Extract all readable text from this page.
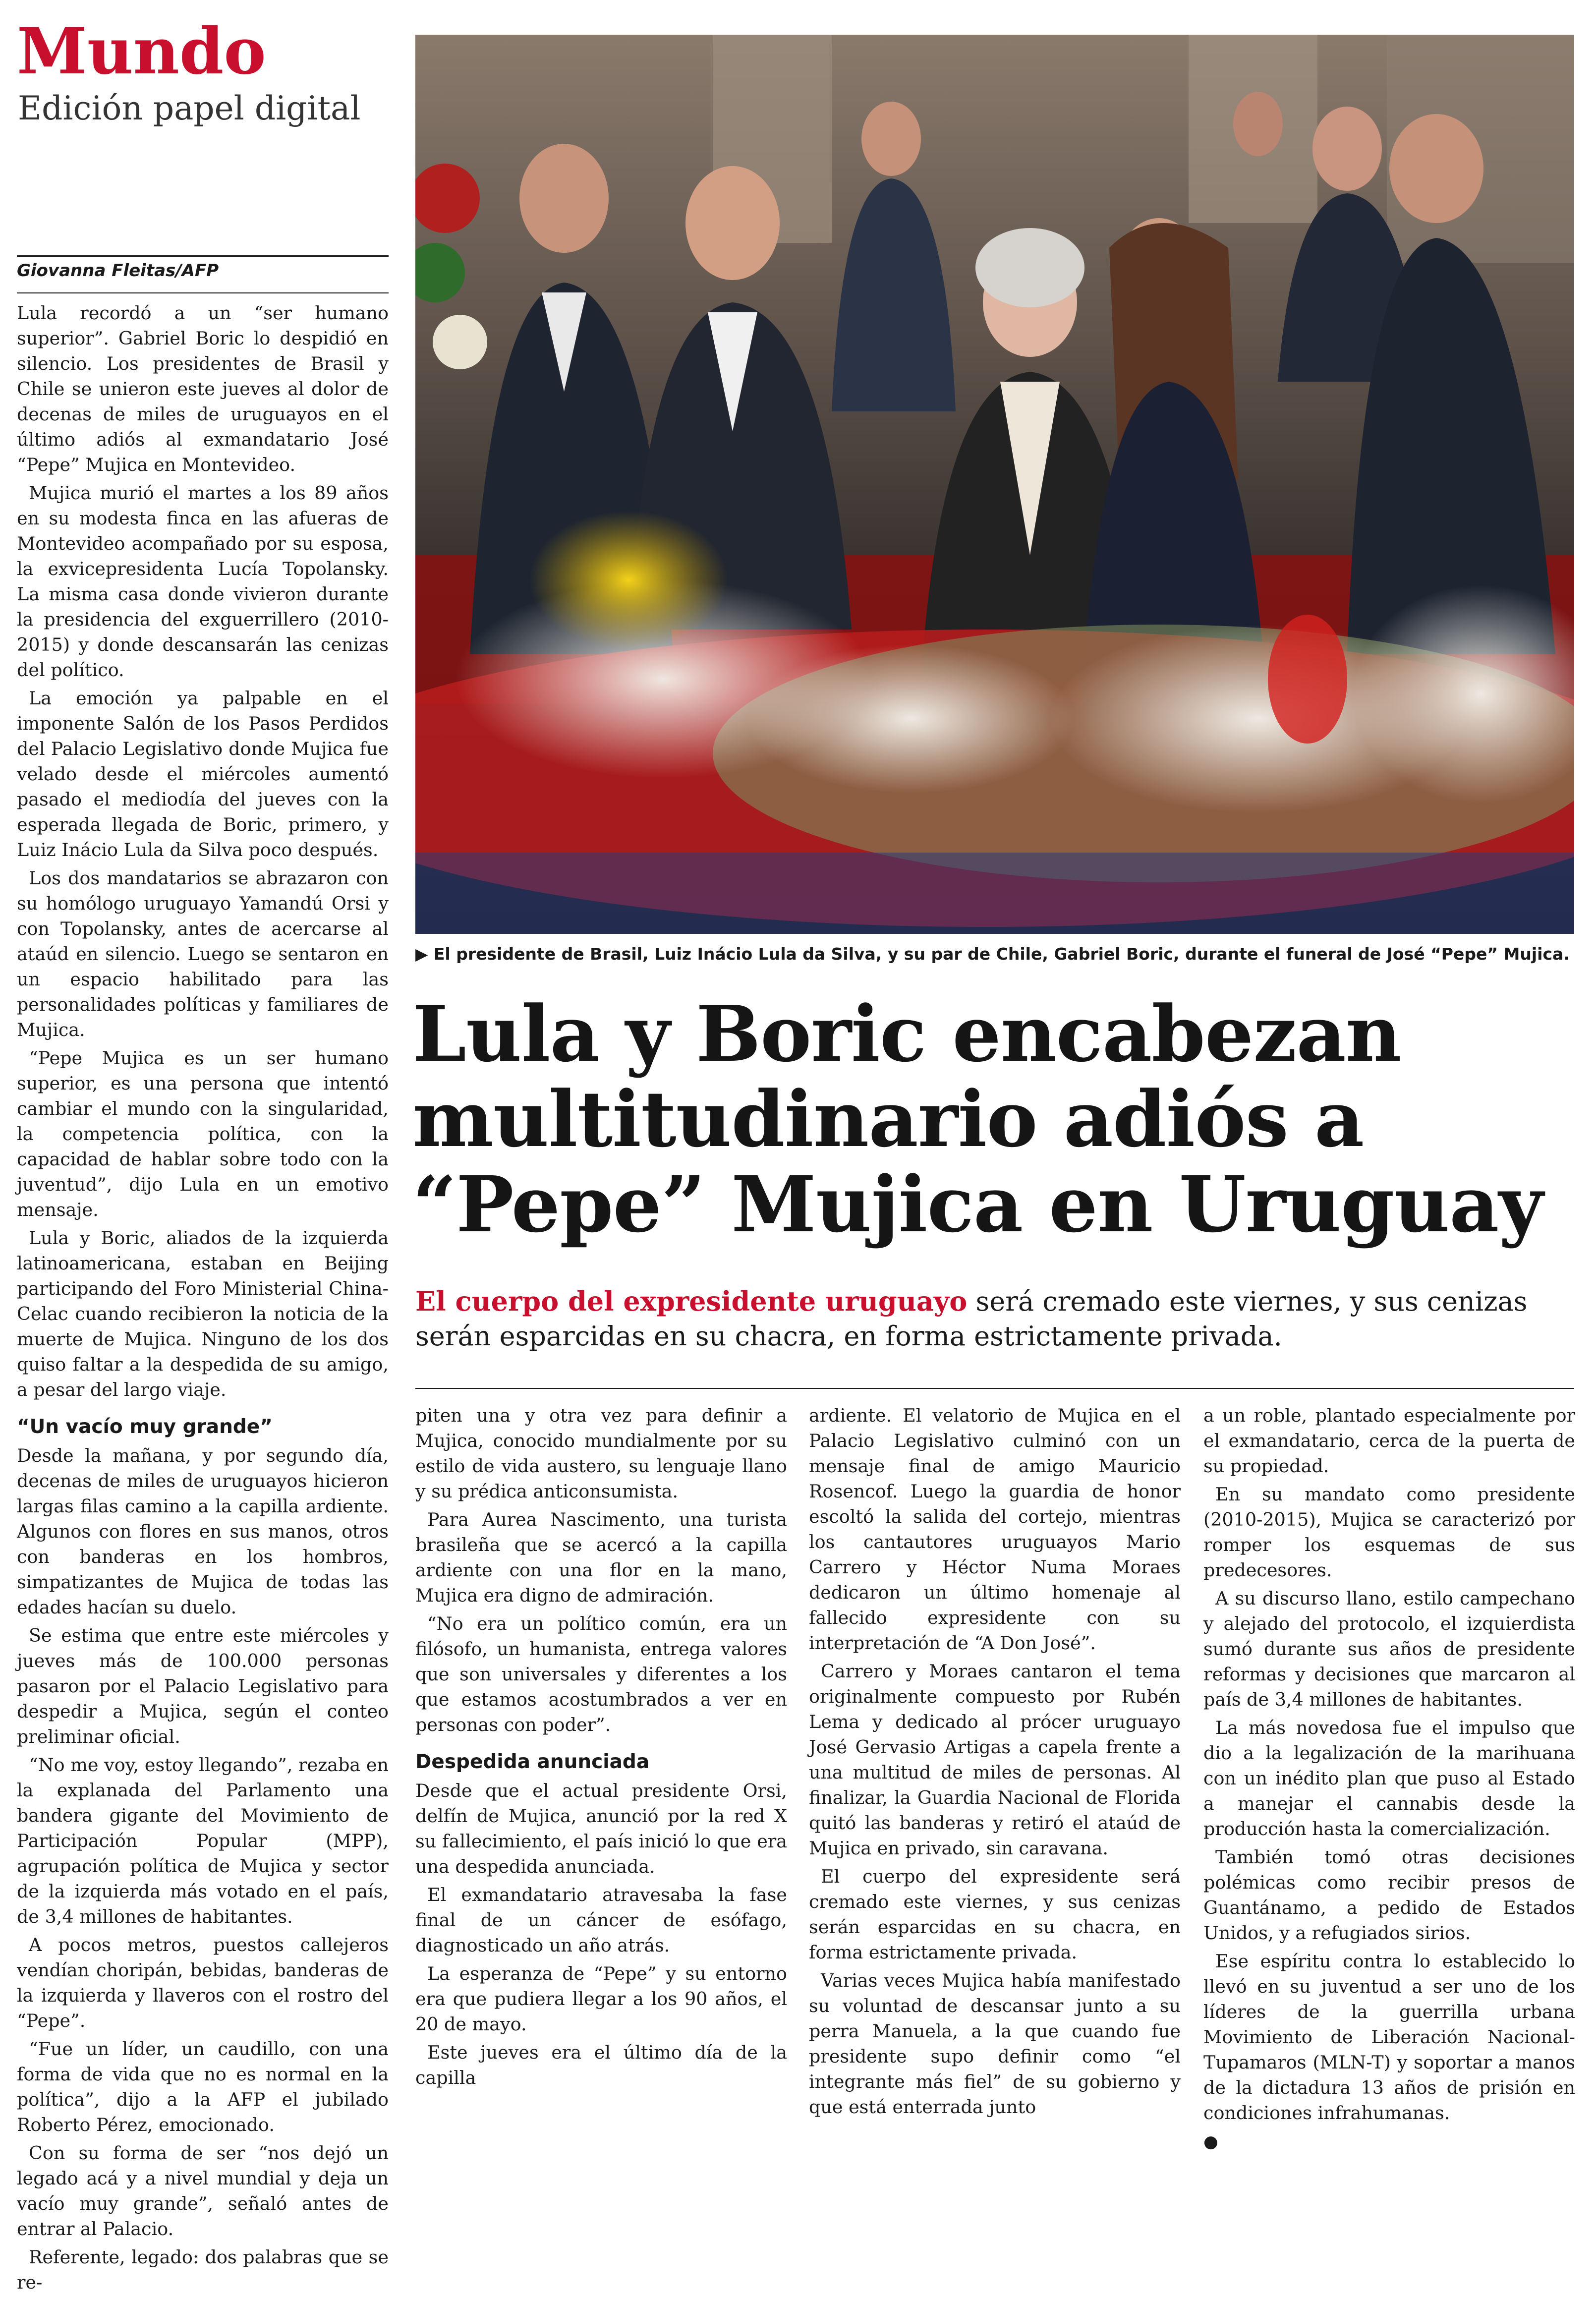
Mundo
Edición papel digital
Giovanna Fleitas/AFP
▶ El presidente de Brasil, Luiz Inácio Lula da Silva, y su par de Chile, Gabriel Boric, durante el funeral de José “Pepe” Mujica.
Lula y Boric encabezan multitudinario adiós a “Pepe” Mujica en Uruguay

El cuerpo del expresidente uruguayo será cremado este viernes, y sus cenizas serán esparcidas en su chacra, en forma estrictamente privada.

Lula recordó a un “ser humano superior”. Gabriel Boric lo despidió en silencio. Los presidentes de Brasil y Chile se unieron este jueves al dolor de decenas de miles de uruguayos en el último adiós al exmandatario José “Pepe” Mujica en Montevideo.

Mujica murió el martes a los 89 años en su modesta finca en las afueras de Montevideo acompañado por su esposa, la exvicepresidenta Lucía Topolansky. La misma casa donde vivieron durante la presidencia del exguerrillero (2010-2015) y donde descansarán las cenizas del político.

La emoción ya palpable en el imponente Salón de los Pasos Perdidos del Palacio Legislativo donde Mujica fue velado desde el miércoles aumentó pasado el mediodía del jueves con la esperada llegada de Boric, primero, y Luiz Inácio Lula da Silva poco después.

Los dos mandatarios se abrazaron con su homólogo uruguayo Yamandú Orsi y con Topolansky, antes de acercarse al ataúd en silencio. Luego se sentaron en un espacio habilitado para las personalidades políticas y familiares de Mujica.

“Pepe Mujica es un ser humano superior, es una persona que intentó cambiar el mundo con la singularidad, la competencia política, con la capacidad de hablar sobre todo con la juventud”, dijo Lula en un emotivo mensaje.

Lula y Boric, aliados de la izquierda latinoamericana, estaban en Beijing participando del Foro Ministerial China-Celac cuando recibieron la noticia de la muerte de Mujica. Ninguno de los dos quiso faltar a la despedida de su amigo, a pesar del largo viaje.

“Un vacío muy grande”

Desde la mañana, y por segundo día, decenas de miles de uruguayos hicieron largas filas camino a la capilla ardiente. Algunos con flores en sus manos, otros con banderas en los hombros, simpatizantes de Mujica de todas las edades hacían su duelo.

Se estima que entre este miércoles y jueves más de 100.000 personas pasaron por el Palacio Legislativo para despedir a Mujica, según el conteo preliminar oficial.

“No me voy, estoy llegando”, rezaba en la explanada del Parlamento una bandera gigante del Movimiento de Participación Popular (MPP), agrupación política de Mujica y sector de la izquierda más votado en el país, de 3,4 millones de habitantes.

A pocos metros, puestos callejeros vendían choripán, bebidas, banderas de la izquierda y llaveros con el rostro del “Pepe”.

“Fue un líder, un caudillo, con una forma de vida que no es normal en la política”, dijo a la AFP el jubilado Roberto Pérez, emocionado.

Con su forma de ser “nos dejó un legado acá y a nivel mundial y deja un vacío muy grande”, señaló antes de entrar al Palacio.

Referente, legado: dos palabras que se re-

piten una y otra vez para definir a Mujica, conocido mundialmente por su estilo de vida austero, su lenguaje llano y su prédica anticonsumista.

Para Aurea Nascimento, una turista brasileña que se acercó a la capilla ardiente con una flor en la mano, Mujica era digno de admiración.

“No era un político común, era un filósofo, un humanista, entrega valores que son universales y diferentes a los que estamos acostumbrados a ver en personas con poder”.

Despedida anunciada

Desde que el actual presidente Orsi, delfín de Mujica, anunció por la red X su fallecimiento, el país inició lo que era una despedida anunciada.

El exmandatario atravesaba la fase final de un cáncer de esófago, diagnosticado un año atrás.

La esperanza de “Pepe” y su entorno era que pudiera llegar a los 90 años, el 20 de mayo.

Este jueves era el último día de la capilla

ardiente. El velatorio de Mujica en el Palacio Legislativo culminó con un mensaje final de amigo Mauricio Rosencof. Luego la guardia de honor escoltó la salida del cortejo, mientras los cantautores uruguayos Mario Carrero y Héctor Numa Moraes dedicaron un último homenaje al fallecido expresidente con su interpretación de “A Don José”.

Carrero y Moraes cantaron el tema originalmente compuesto por Rubén Lema y dedicado al prócer uruguayo José Gervasio Artigas a capela frente a una multitud de miles de personas. Al finalizar, la Guardia Nacional de Florida quitó las banderas y retiró el ataúd de Mujica en privado, sin caravana.

El cuerpo del expresidente será cremado este viernes, y sus cenizas serán esparcidas en su chacra, en forma estrictamente privada.

Varias veces Mujica había manifestado su voluntad de descansar junto a su perra Manuela, a la que cuando fue presidente supo definir como “el integrante más fiel” de su gobierno y que está enterrada junto

a un roble, plantado especialmente por el exmandatario, cerca de la puerta de su propiedad.

En su mandato como presidente (2010-2015), Mujica se caracterizó por romper los esquemas de sus predecesores.

A su discurso llano, estilo campechano y alejado del protocolo, el izquierdista sumó durante sus años de presidente reformas y decisiones que marcaron al país de 3,4 millones de habitantes.

La más novedosa fue el impulso que dio a la legalización de la marihuana con un inédito plan que puso al Estado a manejar el cannabis desde la producción hasta la comercialización.

También tomó otras decisiones polémicas como recibir presos de Guantánamo, a pedido de Estados Unidos, y a refugiados sirios.

Ese espíritu contra lo establecido lo llevó en su juventud a ser uno de los líderes de la guerrilla urbana Movimiento de Liberación Nacional-Tupamaros (MLN-T) y soportar a manos de la dictadura 13 años de prisión en condiciones infrahumanas.

●
